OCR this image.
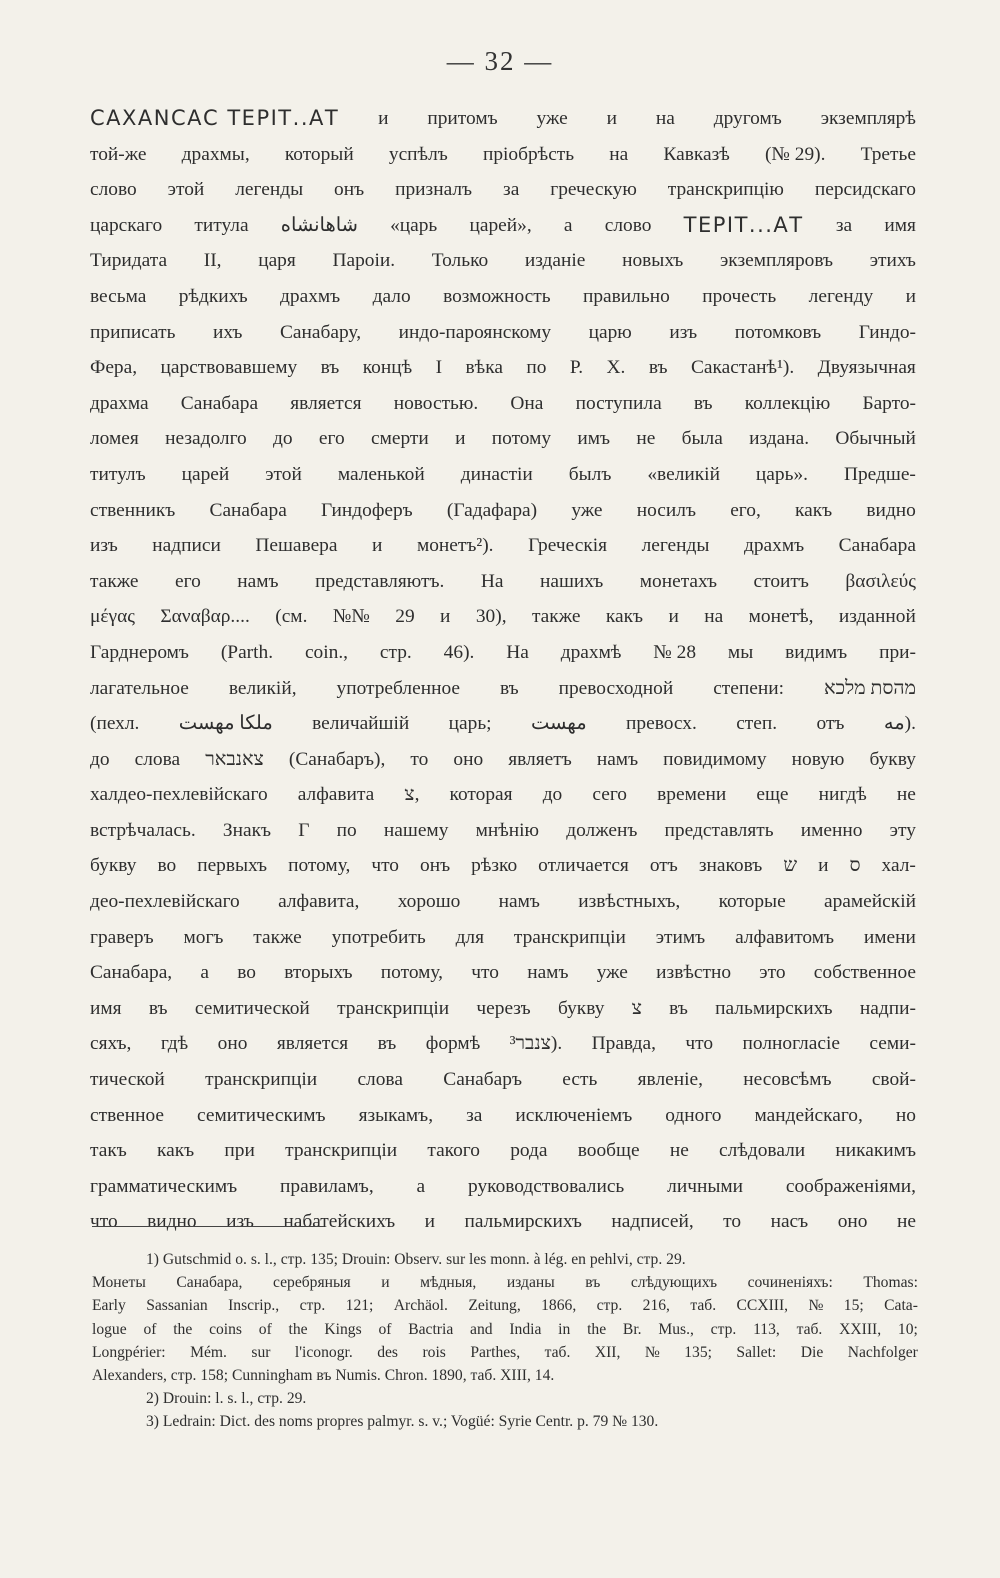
— 32 —
САХАNСАС ТЕРІТ..АТ и притомъ уже и на другомъ экземплярѣ
той-же драхмы, который успѣлъ пріобрѣсть на Кавказѣ (№ 29). Третье
слово этой легенды онъ призналъ за греческую транскрипцію персидскаго
царскаго титула شاهانشاه «царь царей», а слово ТЕРІТ...АТ за имя
Тиридата II, царя Пароіи. Только изданіе новыхъ экземпляровъ этихъ
весьма рѣдкихъ драхмъ дало возможность правильно прочесть легенду и
приписать ихъ Санабару, индо-пароянскому царю изъ потомковъ Гиндо-
Фера, царствовавшему въ концѣ I вѣка по Р. Х. въ Сакастанѣ¹). Двуязычная
драхма Санабара является новостью. Она поступила въ коллекцію Барто-
ломея незадолго до его смерти и потому имъ не была издана. Обычный
титулъ царей этой маленькой династіи былъ «великій царь». Предше-
ственникъ Санабара Гиндоферъ (Гадафара) уже носилъ его, какъ видно
изъ надписи Пешавера и монетъ²). Греческія легенды драхмъ Санабара
также его намъ представляютъ. На нашихъ монетахъ стоитъ βασιλεύς
μέγας Σαναβαρ.... (см. №№ 29 и 30), также какъ и на монетѣ, изданной
Гарднеромъ (Parth. coin., стр. 46). На драхмѣ № 28 мы видимъ при-
лагательное великій, употребленное въ превосходной степени: מהסת מלכא
(пехл. ملکا مهست величайшій царь; مهست превосх. степ. отъ مه).
до слова צאנבאר (Санабаръ), то оно являетъ намъ повидимому новую букву
халдео-пехлевійскаго алфавита צ, которая до сего времени еще нигдѣ не
встрѣчалась. Знакъ Г по нашему мнѣнію долженъ представлять именно эту
букву во первыхъ потому, что онъ рѣзко отличается отъ знаковъ ש и ס хал-
део-пехлевійскаго алфавита, хорошо намъ извѣстныхъ, которые арамейскій
граверъ могъ также употребить для транскрипціи этимъ алфавитомъ имени
Санабара, а во вторыхъ потому, что намъ уже извѣстно это собственное
имя въ семитической транскрипціи черезъ букву צ въ пальмирскихъ надпи-
сяхъ, гдѣ оно является въ формѣ צנבר³). Правда, что полногласіе семи-
тической транскрипціи слова Санабаръ есть явленіе, несовсѣмъ свой-
ственное семитическимъ языкамъ, за исключеніемъ одного мандейскаго, но
такъ какъ при транскрипціи такого рода вообще не слѣдовали никакимъ
грамматическимъ правиламъ, а руководствовались личными соображеніями,
что видно изъ набатейскихъ и пальмирскихъ надписей, то насъ оно не
1) Gutschmid o. s. l., стр. 135; Drouin: Observ. sur les monn. à lég. en pehlvi, стр. 29.
Монеты Санабара, серебряныя и мѣдныя, изданы въ слѣдующихъ сочиненіяхъ: Thomas:
Early Sassanian Inscrip., стр. 121; Archäol. Zeitung, 1866, стр. 216, таб. CCXIII, № 15; Cata-
logue of the coins of the Kings of Bactria and India in the Br. Mus., стр. 113, таб. XXIII, 10;
Longpérier: Mém. sur l'iconogr. des rois Parthes, таб. XII, № 135; Sallet: Die Nachfolger
Alexanders, стр. 158; Cunningham въ Numis. Chron. 1890, таб. XIII, 14.
2) Drouin: l. s. l., стр. 29.
3) Ledrain: Dict. des noms propres palmyr. s. v.; Vogüé: Syrie Centr. p. 79 № 130.
